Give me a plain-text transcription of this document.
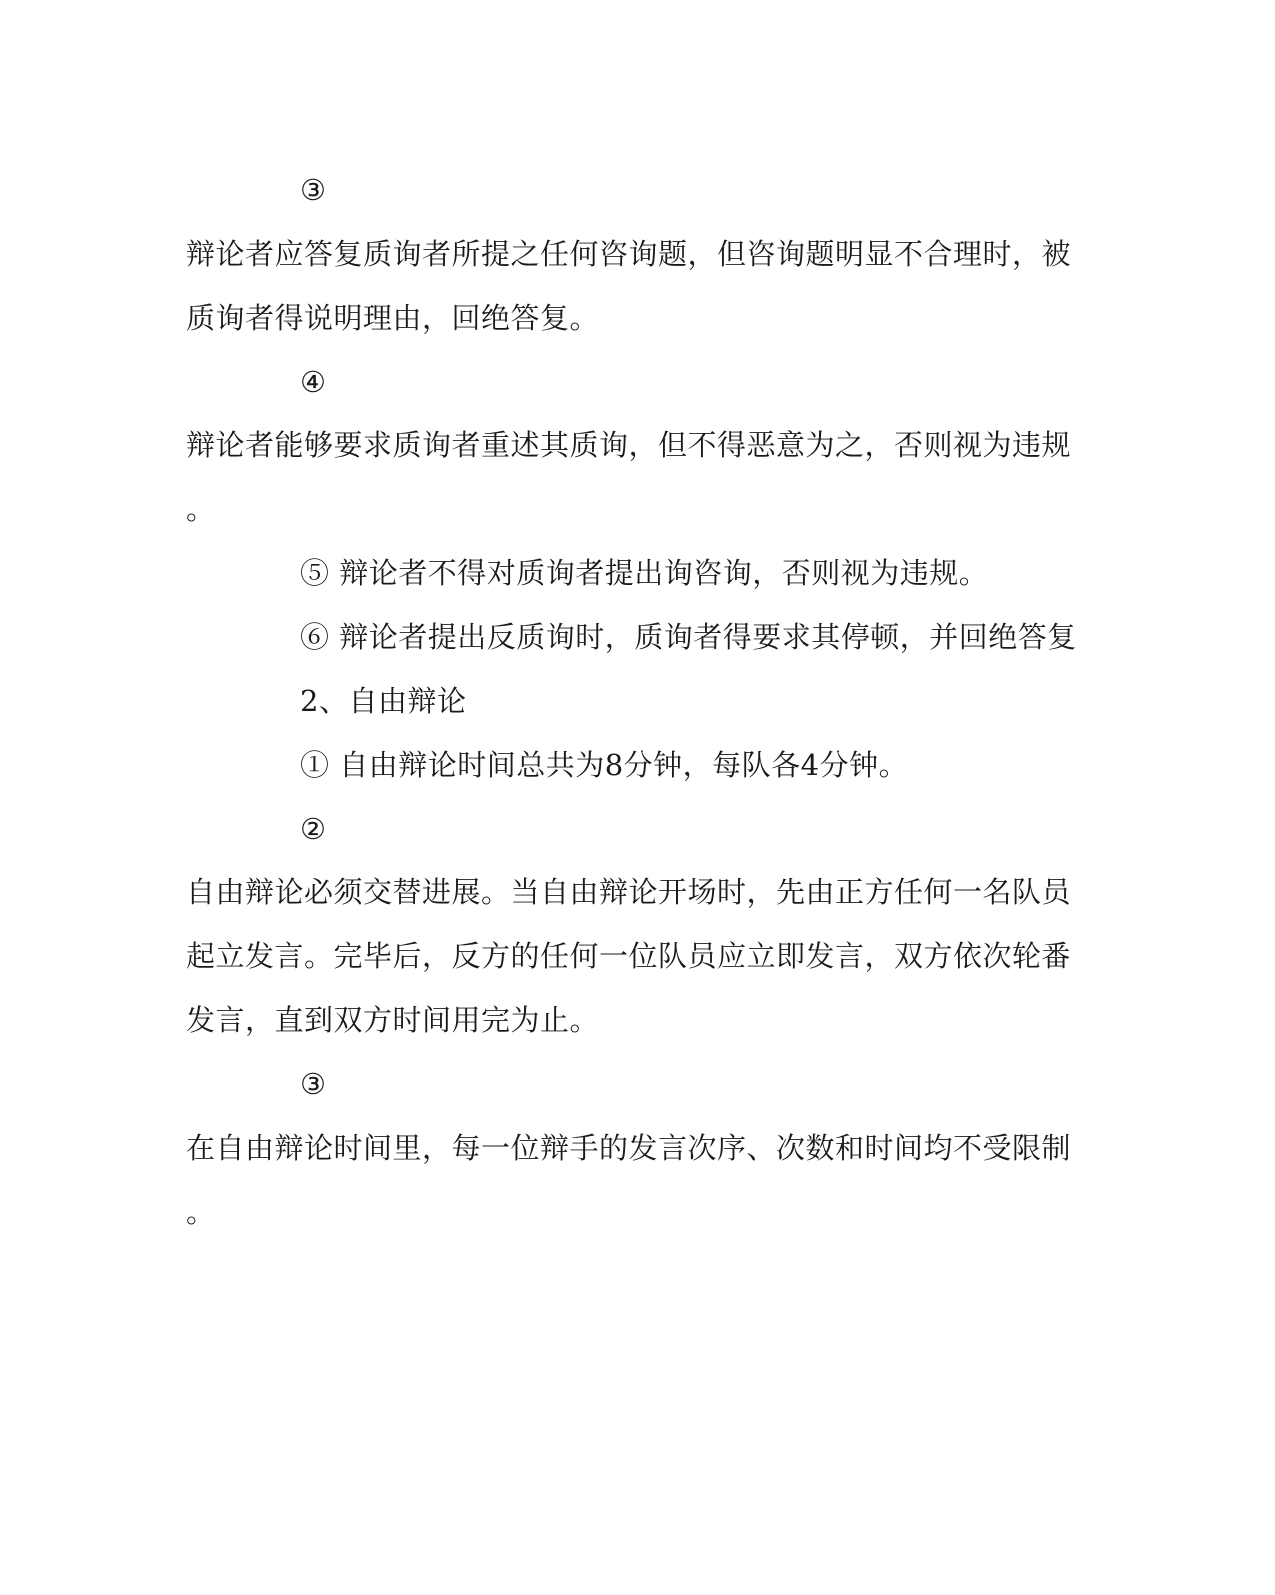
③
辩论者应答复质询者所提之任何咨询题，但咨询题明显不合理时，被
质询者得说明理由，回绝答复。
④
辩论者能够要求质询者重述其质询，但不得恶意为之，否则视为违规
。
⑤ 辩论者不得对质询者提出询咨询，否则视为违规。
⑥ 辩论者提出反质询时，质询者得要求其停顿，并回绝答复
2、自由辩论
① 自由辩论时间总共为8分钟，每队各4分钟。
②
自由辩论必须交替进展。当自由辩论开场时，先由正方任何一名队员
起立发言。完毕后，反方的任何一位队员应立即发言，双方依次轮番
发言，直到双方时间用完为止。
③
在自由辩论时间里，每一位辩手的发言次序、次数和时间均不受限制
。
